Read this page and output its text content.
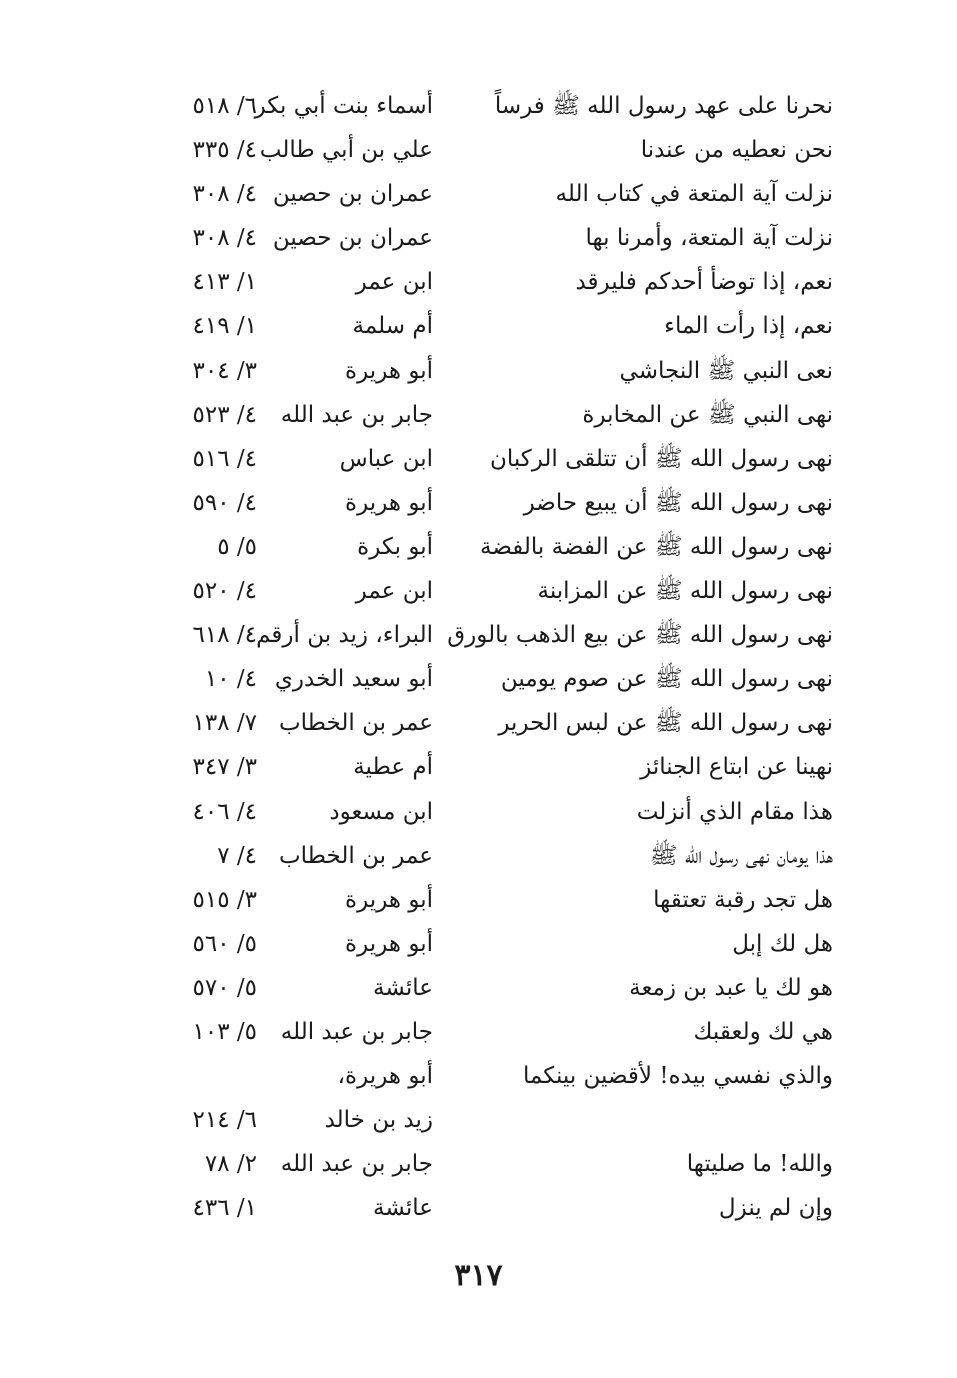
نحرنا على عهد رسول الله ﷺ فرساً
أسماء بنت أبي بكر
٦/ ٥١٨
نحن نعطيه من عندنا
علي بن أبي طالب
٤/ ٣٣٥
نزلت آية المتعة في كتاب الله
عمران بن حصين
٤/ ٣٠٨
نزلت آية المتعة، وأمرنا بها
عمران بن حصين
٤/ ٣٠٨
نعم، إذا توضأ أحدكم فليرقد
ابن عمر
١/ ٤١٣
نعم، إذا رأت الماء
أم سلمة
١/ ٤١٩
نعى النبي ﷺ النجاشي
أبو هريرة
٣/ ٣٠٤
نهى النبي ﷺ عن المخابرة
جابر بن عبد الله
٤/ ٥٢٣
نهى رسول الله ﷺ أن تتلقى الركبان
ابن عباس
٤/ ٥١٦
نهى رسول الله ﷺ أن يبيع حاضر
أبو هريرة
٤/ ٥٩٠
نهى رسول الله ﷺ عن الفضة بالفضة
أبو بكرة
٥/ ٥
نهى رسول الله ﷺ عن المزابنة
ابن عمر
٤/ ٥٢٠
نهى رسول الله ﷺ عن بيع الذهب بالورق
البراء، زيد بن أرقم
٤/ ٦١٨
نهى رسول الله ﷺ عن صوم يومين
أبو سعيد الخدري
٤/ ١٠
نهى رسول الله ﷺ عن لبس الحرير
عمر بن الخطاب
٧/ ١٣٨
نهينا عن ابتاع الجنائز
أم عطية
٣/ ٣٤٧
هذا مقام الذي أنزلت
ابن مسعود
٤/ ٤٠٦
هذا يومان نهى رسول الله ﷺ
عمر بن الخطاب
٤/ ٧
هل تجد رقبة تعتقها
أبو هريرة
٣/ ٥١٥
هل لك إبل
أبو هريرة
٥/ ٥٦٠
هو لك يا عبد بن زمعة
عائشة
٥/ ٥٧٠
هي لك ولعقبك
جابر بن عبد الله
٥/ ١٠٣
والذي نفسي بيده! لأقضين بينكما
أبو هريرة،
زيد بن خالد
٦/ ٢١٤
والله! ما صليتها
جابر بن عبد الله
٢/ ٧٨
وإن لم ينزل
عائشة
١/ ٤٣٦
٣١٧
